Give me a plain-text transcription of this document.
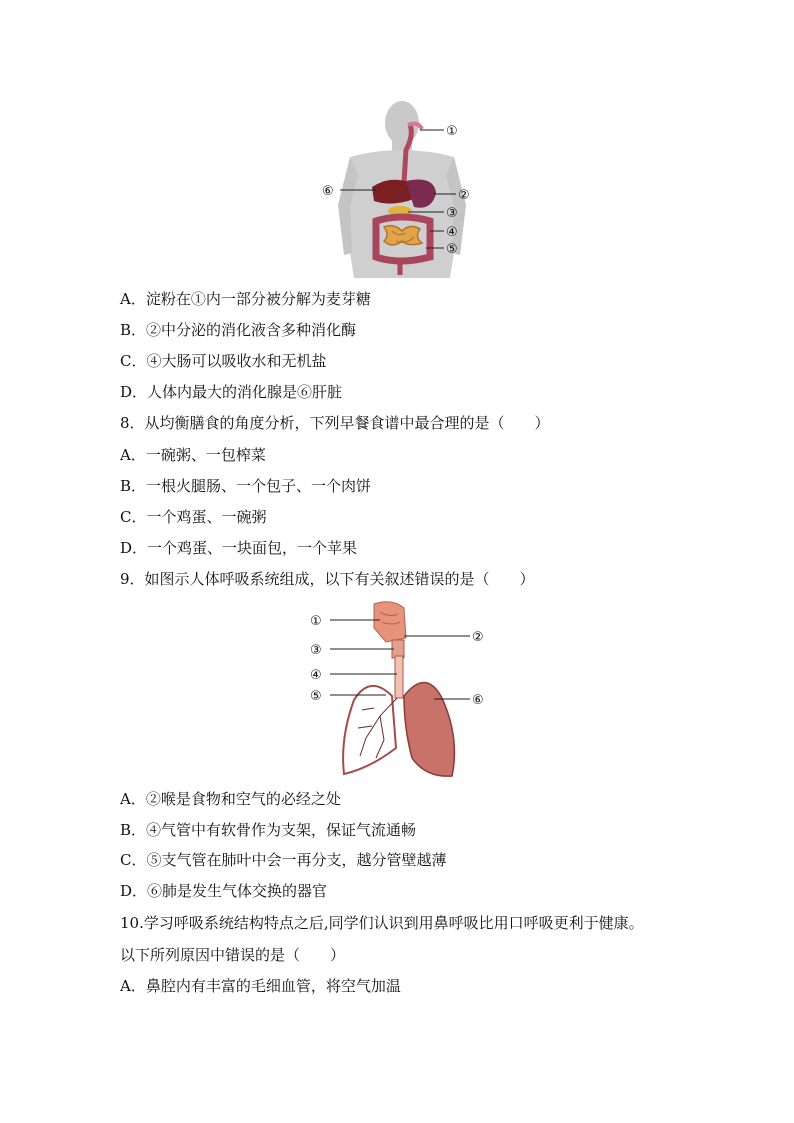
①
⑥	②
③
④
⑤
A．淀粉在①内一部分被分解为麦芽糖
B．②中分泌的消化液含多种消化酶
C．④大肠可以吸收水和无机盐
D．人体内最大的消化腺是⑥肝脏
8．从均衡膳食的角度分析，下列早餐食谱中最合理的是（　　）
A．一碗粥、一包榨菜
B．一根火腿肠、一个包子、一个肉饼
C．一个鸡蛋、一碗粥
D．一个鸡蛋、一块面包，一个苹果
9．如图示人体呼吸系统组成，以下有关叙述错误的是（　　）
①
②
③
④
⑤	⑥
A．②喉是食物和空气的必经之处
B．④气管中有软骨作为支架，保证气流通畅
C．⑤支气管在肺叶中会一再分支，越分管壁越薄
D．⑥肺是发生气体交换的器官
10.学习呼吸系统结构特点之后,同学们认识到用鼻呼吸比用口呼吸更利于健康。
以下所列原因中错误的是（　　）
A．鼻腔内有丰富的毛细血管，将空气加温
